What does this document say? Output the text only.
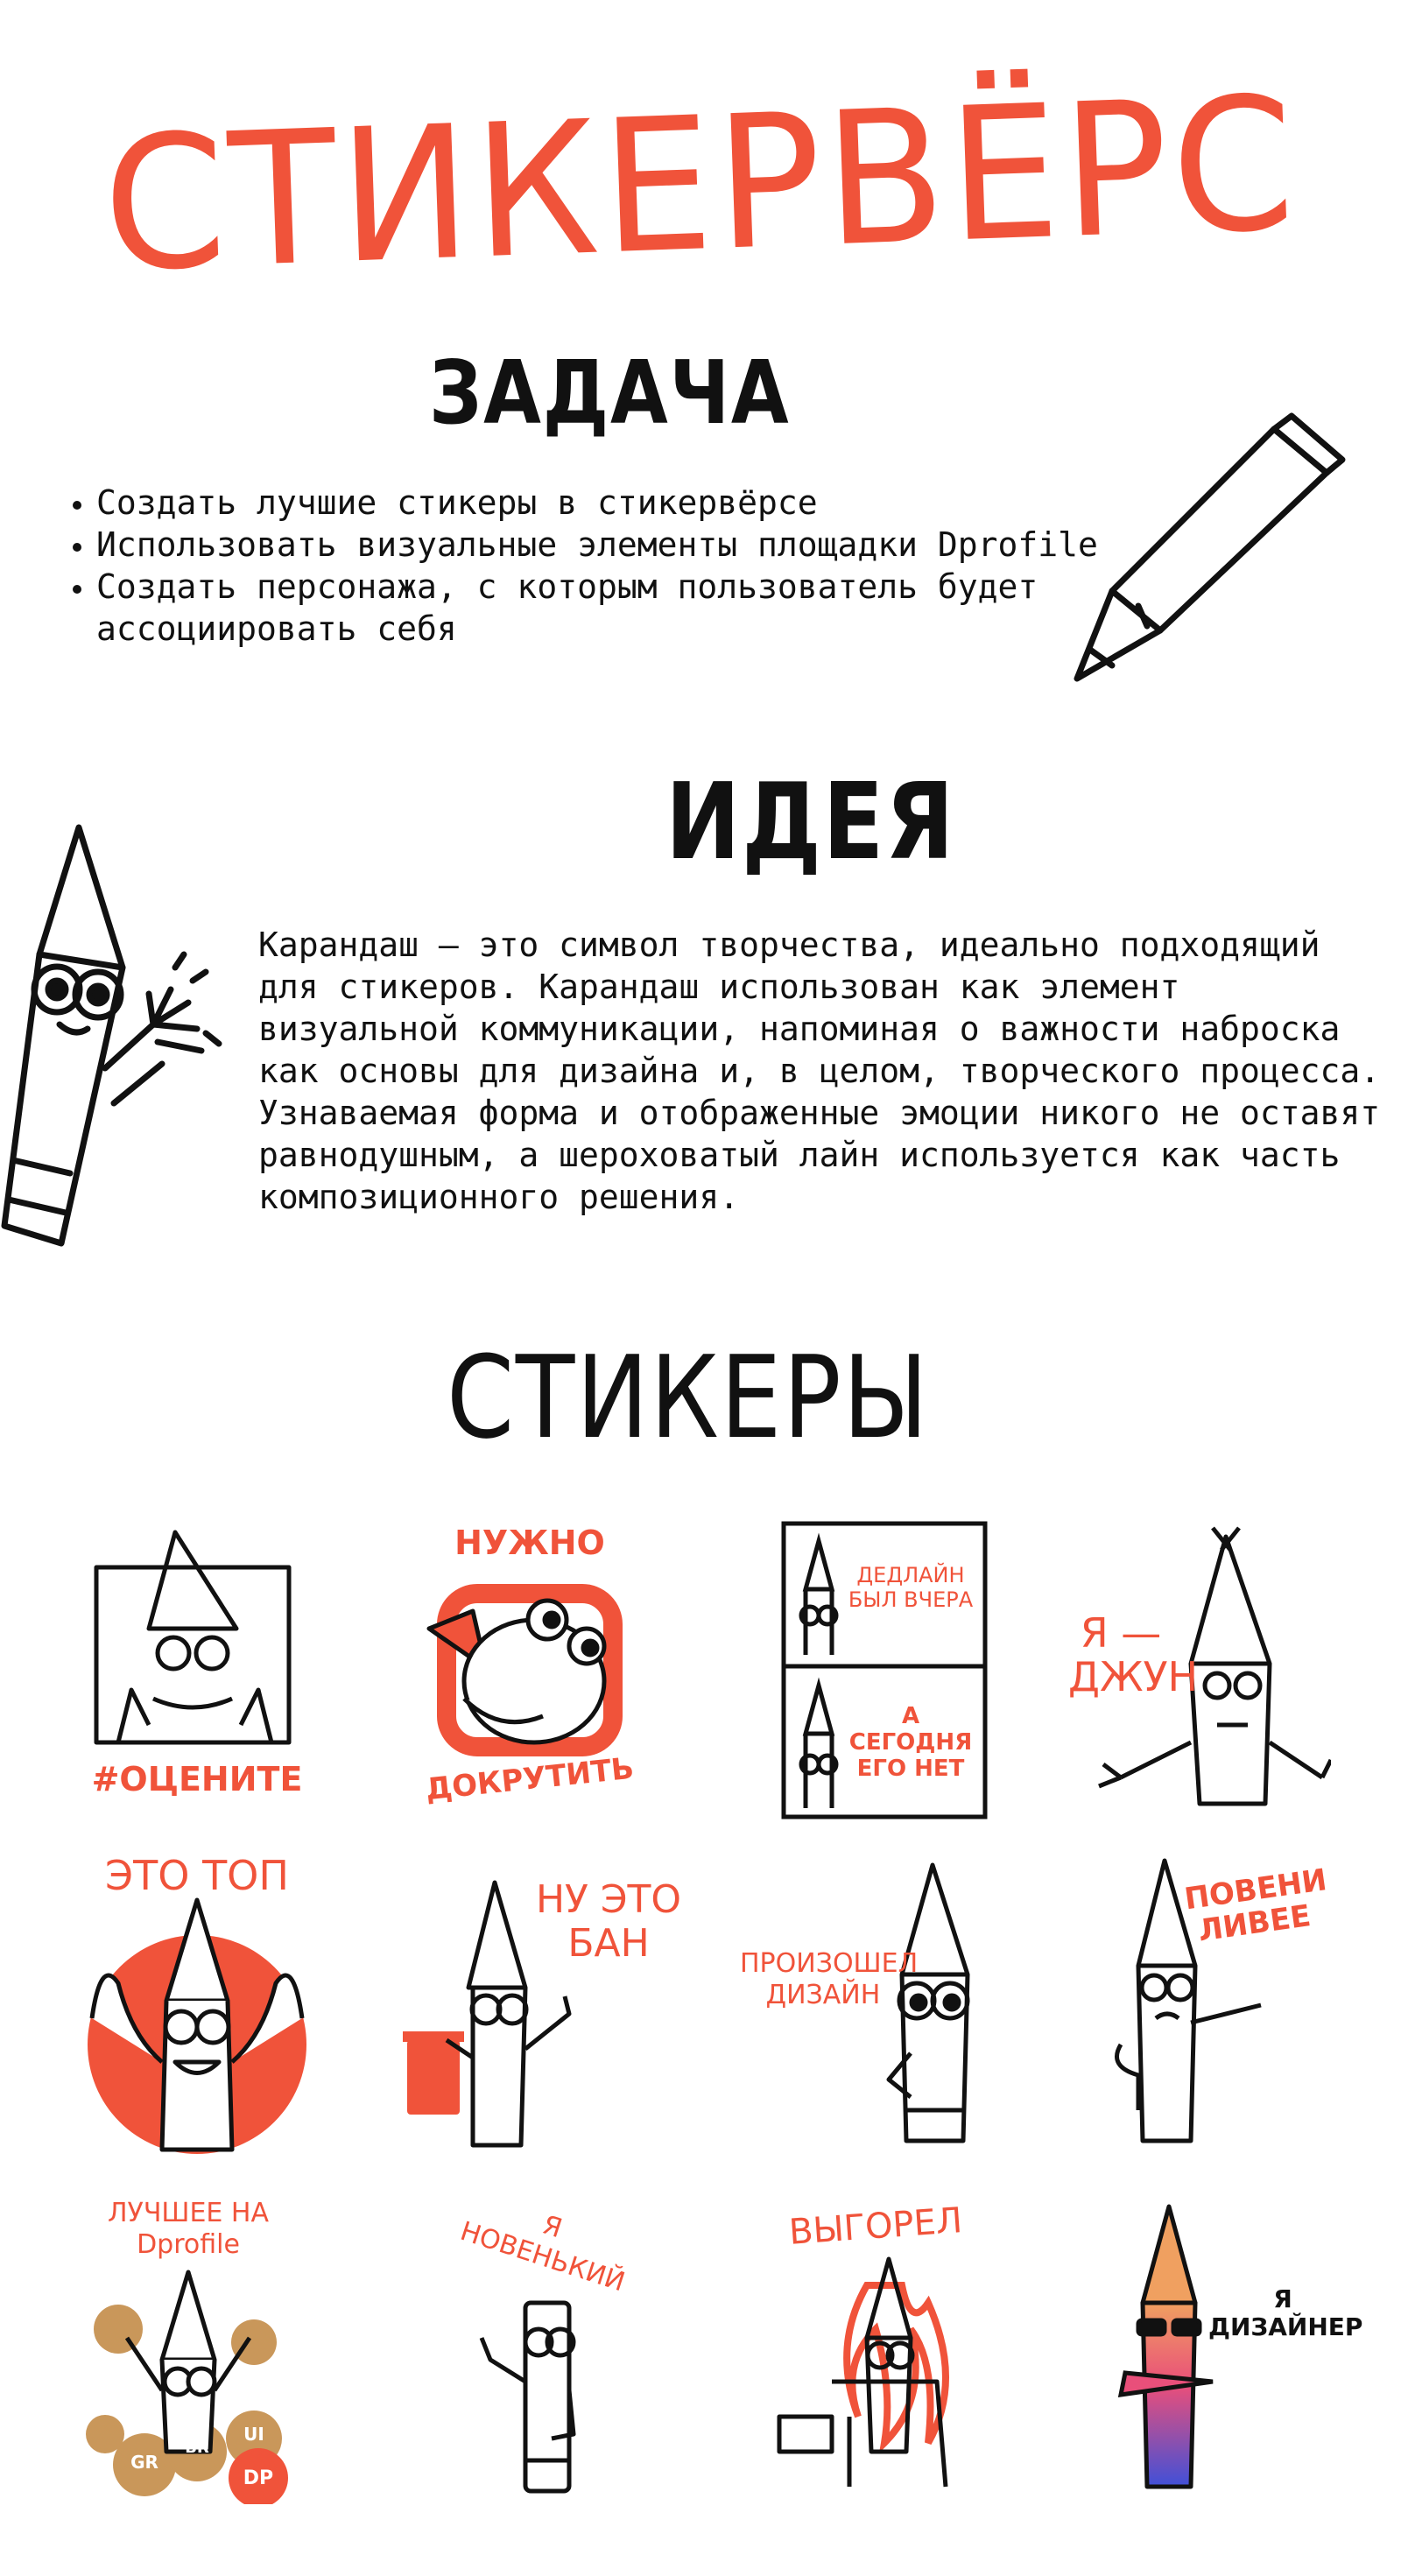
СТИКЕРВЁРС
ЗАДАЧА
• Создать лучшие стикеры в стикервёрсе
• Использовать визуальные элементы площадки Dprofile
• Создать персонажа, с которым пользователь будет ассоциировать себя
ИДЕЯ

Карандаш — это символ творчества, идеально подходящий для стикеров. Карандаш использован как элемент визуальной коммуникации, напоминая о важности наброска как основы для дизайна и, в целом, творческого процесса. Узнаваемая форма и отображенные эмоции никого не оставят равнодушным, а шероховатый лайн используется как часть композиционного решения.

СТИКЕРЫ
#ОЦЕНИТЕ
НУЖНО
ДОКРУТИТЬ
ДЕДЛАЙН БЫЛ ВЧЕРА
А СЕГОДНЯ ЕГО НЕТ
Я — ДЖУН
ЭТО ТОП
НУ ЭТО БАН	ПРОИЗОШЕЛ ДИЗАЙН
ПОВЕНИ ЛИВЕЕ
ЛУЧШЕЕ НА Dprofile
GR
BR
UI
DP
Я НОВЕНЬКИЙ	ВЫГОРЕЛ
Я ДИЗАЙНЕР
